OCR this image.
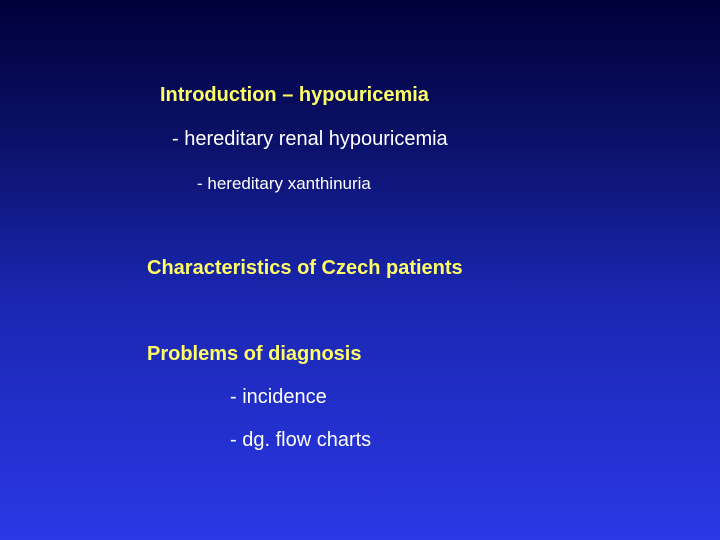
Introduction – hypouricemia
- hereditary renal hypouricemia
- hereditary xanthinuria
Characteristics of Czech patients
Problems of diagnosis
- incidence
- dg. flow charts
